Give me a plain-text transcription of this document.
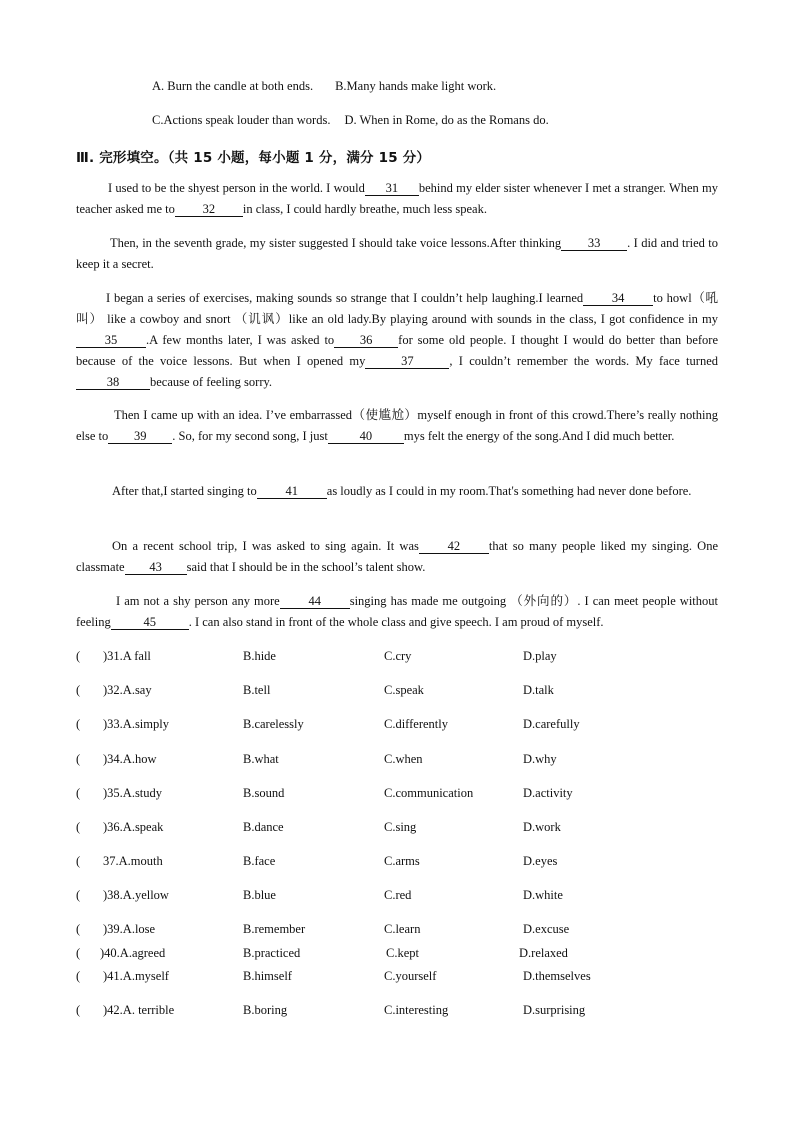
A. Burn the candle at both ends. B.Many hands make light work.
C.Actions speak louder than words. D. When in Rome, do as the Romans do.
Ⅲ. 完形填空。（共 15 小题，每小题 1 分，满分 15 分）
I used to be the shyest person in the world. I would 31 behind my elder sister whenever I met a stranger. When my teacher asked me to 32 in class, I could hardly breathe, much less speak.
Then, in the seventh grade, my sister suggested I should take voice lessons.After thinking 33 . I did and tried to keep it a secret.
I began a series of exercises, making sounds so strange that I couldn’t help laughing.I learned 34 to howl（吼叫） like a cowboy and snort （讥讽）like an old lady.By playing around with sounds in the class, I got confidence in my35 .A few months later, I was asked to 36 for some old people. I thought I would do better than before because of the voice lessons. But when I opened my	37	, I couldn’t remember the words. My face turned38 because of feeling sorry.
Then I came up with an idea. I’ve embarrassed（使尴尬）myself enough in front of this crowd.There’s really nothing else to 39 . So, for my second song, I just	40	mys felt the energy of the song.And I did much better.
After that,I started singing to 41 as loudly as I could in my room.That's something had never done before.
On a recent school trip, I was asked to sing again. It was 42 that so many people liked my singing. One classmate 43 said that I should be in the school’s talent show.
I am not a shy person any more 44 singing has made me outgoing （外向的）. I can meet people without feeling	45	. I can also stand in front of the whole class and give speech. I am proud of myself.
( )31.A fall	B.hide	C.cry	D.play
( )32.A.say	B.tell	C.speak	D.talk
( )33.A.simply	B.carelessly	C.differently	D.carefully
( )34.A.how	B.what	C.when	D.why
( )35.A.study	B.sound	C.communication	D.activity
( )36.A.speak	B.dance	C.sing	D.work
( 37.A.mouth	B.face	C.arms	D.eyes
( )38.A.yellow	B.blue	C.red	D.white
( )39.A.lose	B.remember	C.learn	D.excuse
( )40.A.agreed	B.practiced	C.kept	D.relaxed
( )41.A.myself	B.himself	C.yourself	D.themselves
( )42.A. terrible	B.boring	C.interesting	D.surprising
